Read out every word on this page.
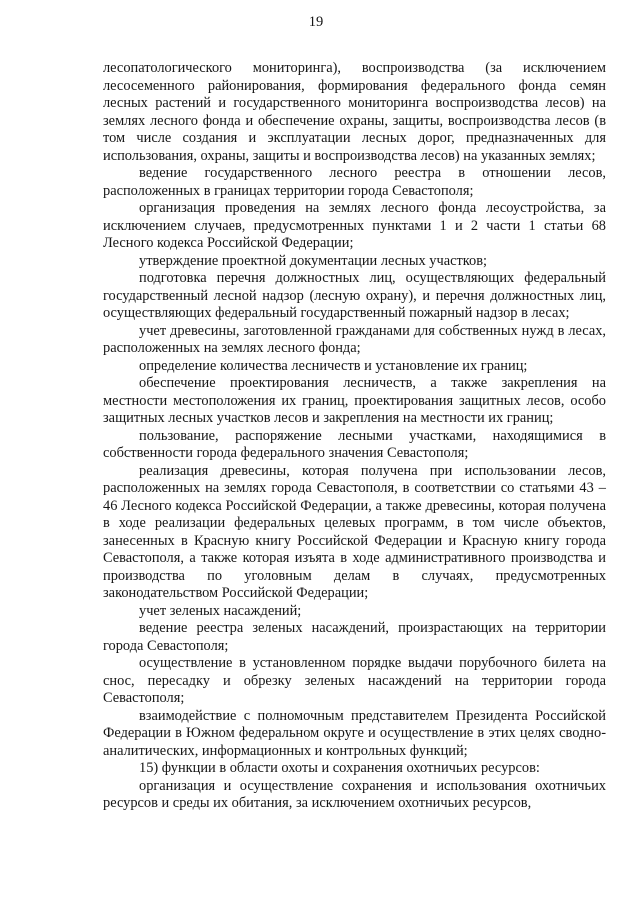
19

лесопатологического мониторинга), воспроизводства (за исключением лесосеменного районирования, формирования федерального фонда семян лесных растений и государственного мониторинга воспроизводства лесов) на землях лесного фонда и обеспечение охраны, защиты, воспроизводства лесов (в том числе создания и эксплуатации лесных дорог, предназначенных для использования, охраны, защиты и воспроизводства лесов) на указанных землях;

ведение государственного лесного реестра в отношении лесов, расположенных в границах территории города Севастополя;

организация проведения на землях лесного фонда лесоустройства, за исключением случаев, предусмотренных пунктами 1 и 2 части 1 статьи 68 Лесного кодекса Российской Федерации;

утверждение проектной документации лесных участков;

подготовка перечня должностных лиц, осуществляющих федеральный государственный лесной надзор (лесную охрану), и перечня должностных лиц, осуществляющих федеральный государственный пожарный надзор в лесах;

учет древесины, заготовленной гражданами для собственных нужд в лесах, расположенных на землях лесного фонда;

определение количества лесничеств и установление их границ;

обеспечение проектирования лесничеств, а также закрепления на местности местоположения их границ, проектирования защитных лесов, особо защитных лесных участков лесов и закрепления на местности их границ;

пользование, распоряжение лесными участками, находящимися в собственности города федерального значения Севастополя;

реализация древесины, которая получена при использовании лесов, расположенных на землях города Севастополя, в соответствии со статьями 43 – 46 Лесного кодекса Российской Федерации, а также древесины, которая получена в ходе реализации федеральных целевых программ, в том числе объектов, занесенных в Красную книгу Российской Федерации и Красную книгу города Севастополя, а также которая изъята в ходе административного производства и производства по уголовным делам в случаях, предусмотренных законодательством Российской Федерации;

учет зеленых насаждений;

ведение реестра зеленых насаждений, произрастающих на территории города Севастополя;

осуществление в установленном порядке выдачи порубочного билета на снос, пересадку и обрезку зеленых насаждений на территории города Севастополя;

взаимодействие с полномочным представителем Президента Российской Федерации в Южном федеральном округе и осуществление в этих целях сводно-аналитических, информационных и контрольных функций;

15) функции в области охоты и сохранения охотничьих ресурсов:

организация и осуществление сохранения и использования охотничьих ресурсов и среды их обитания, за исключением охотничьих ресурсов,
